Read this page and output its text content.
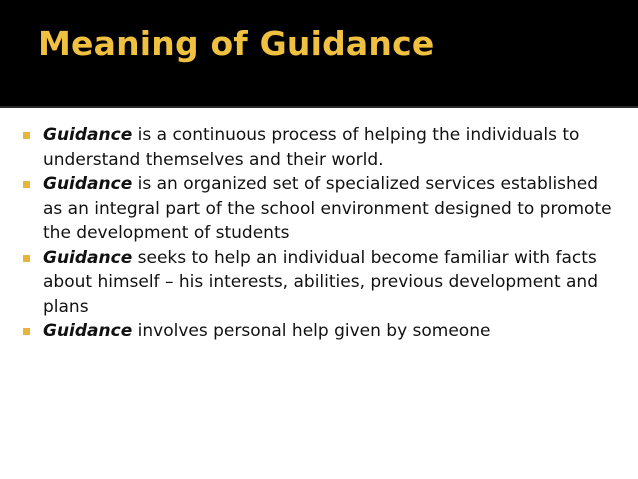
Meaning of Guidance
Guidance is a continuous process of helping the individuals to understand themselves and their world.
Guidance is an organized set of specialized services established as an integral part of the school environment designed to promote the development of students
Guidance seeks to help an individual become familiar with facts about himself – his interests, abilities, previous development and plans
Guidance involves personal help given by someone
